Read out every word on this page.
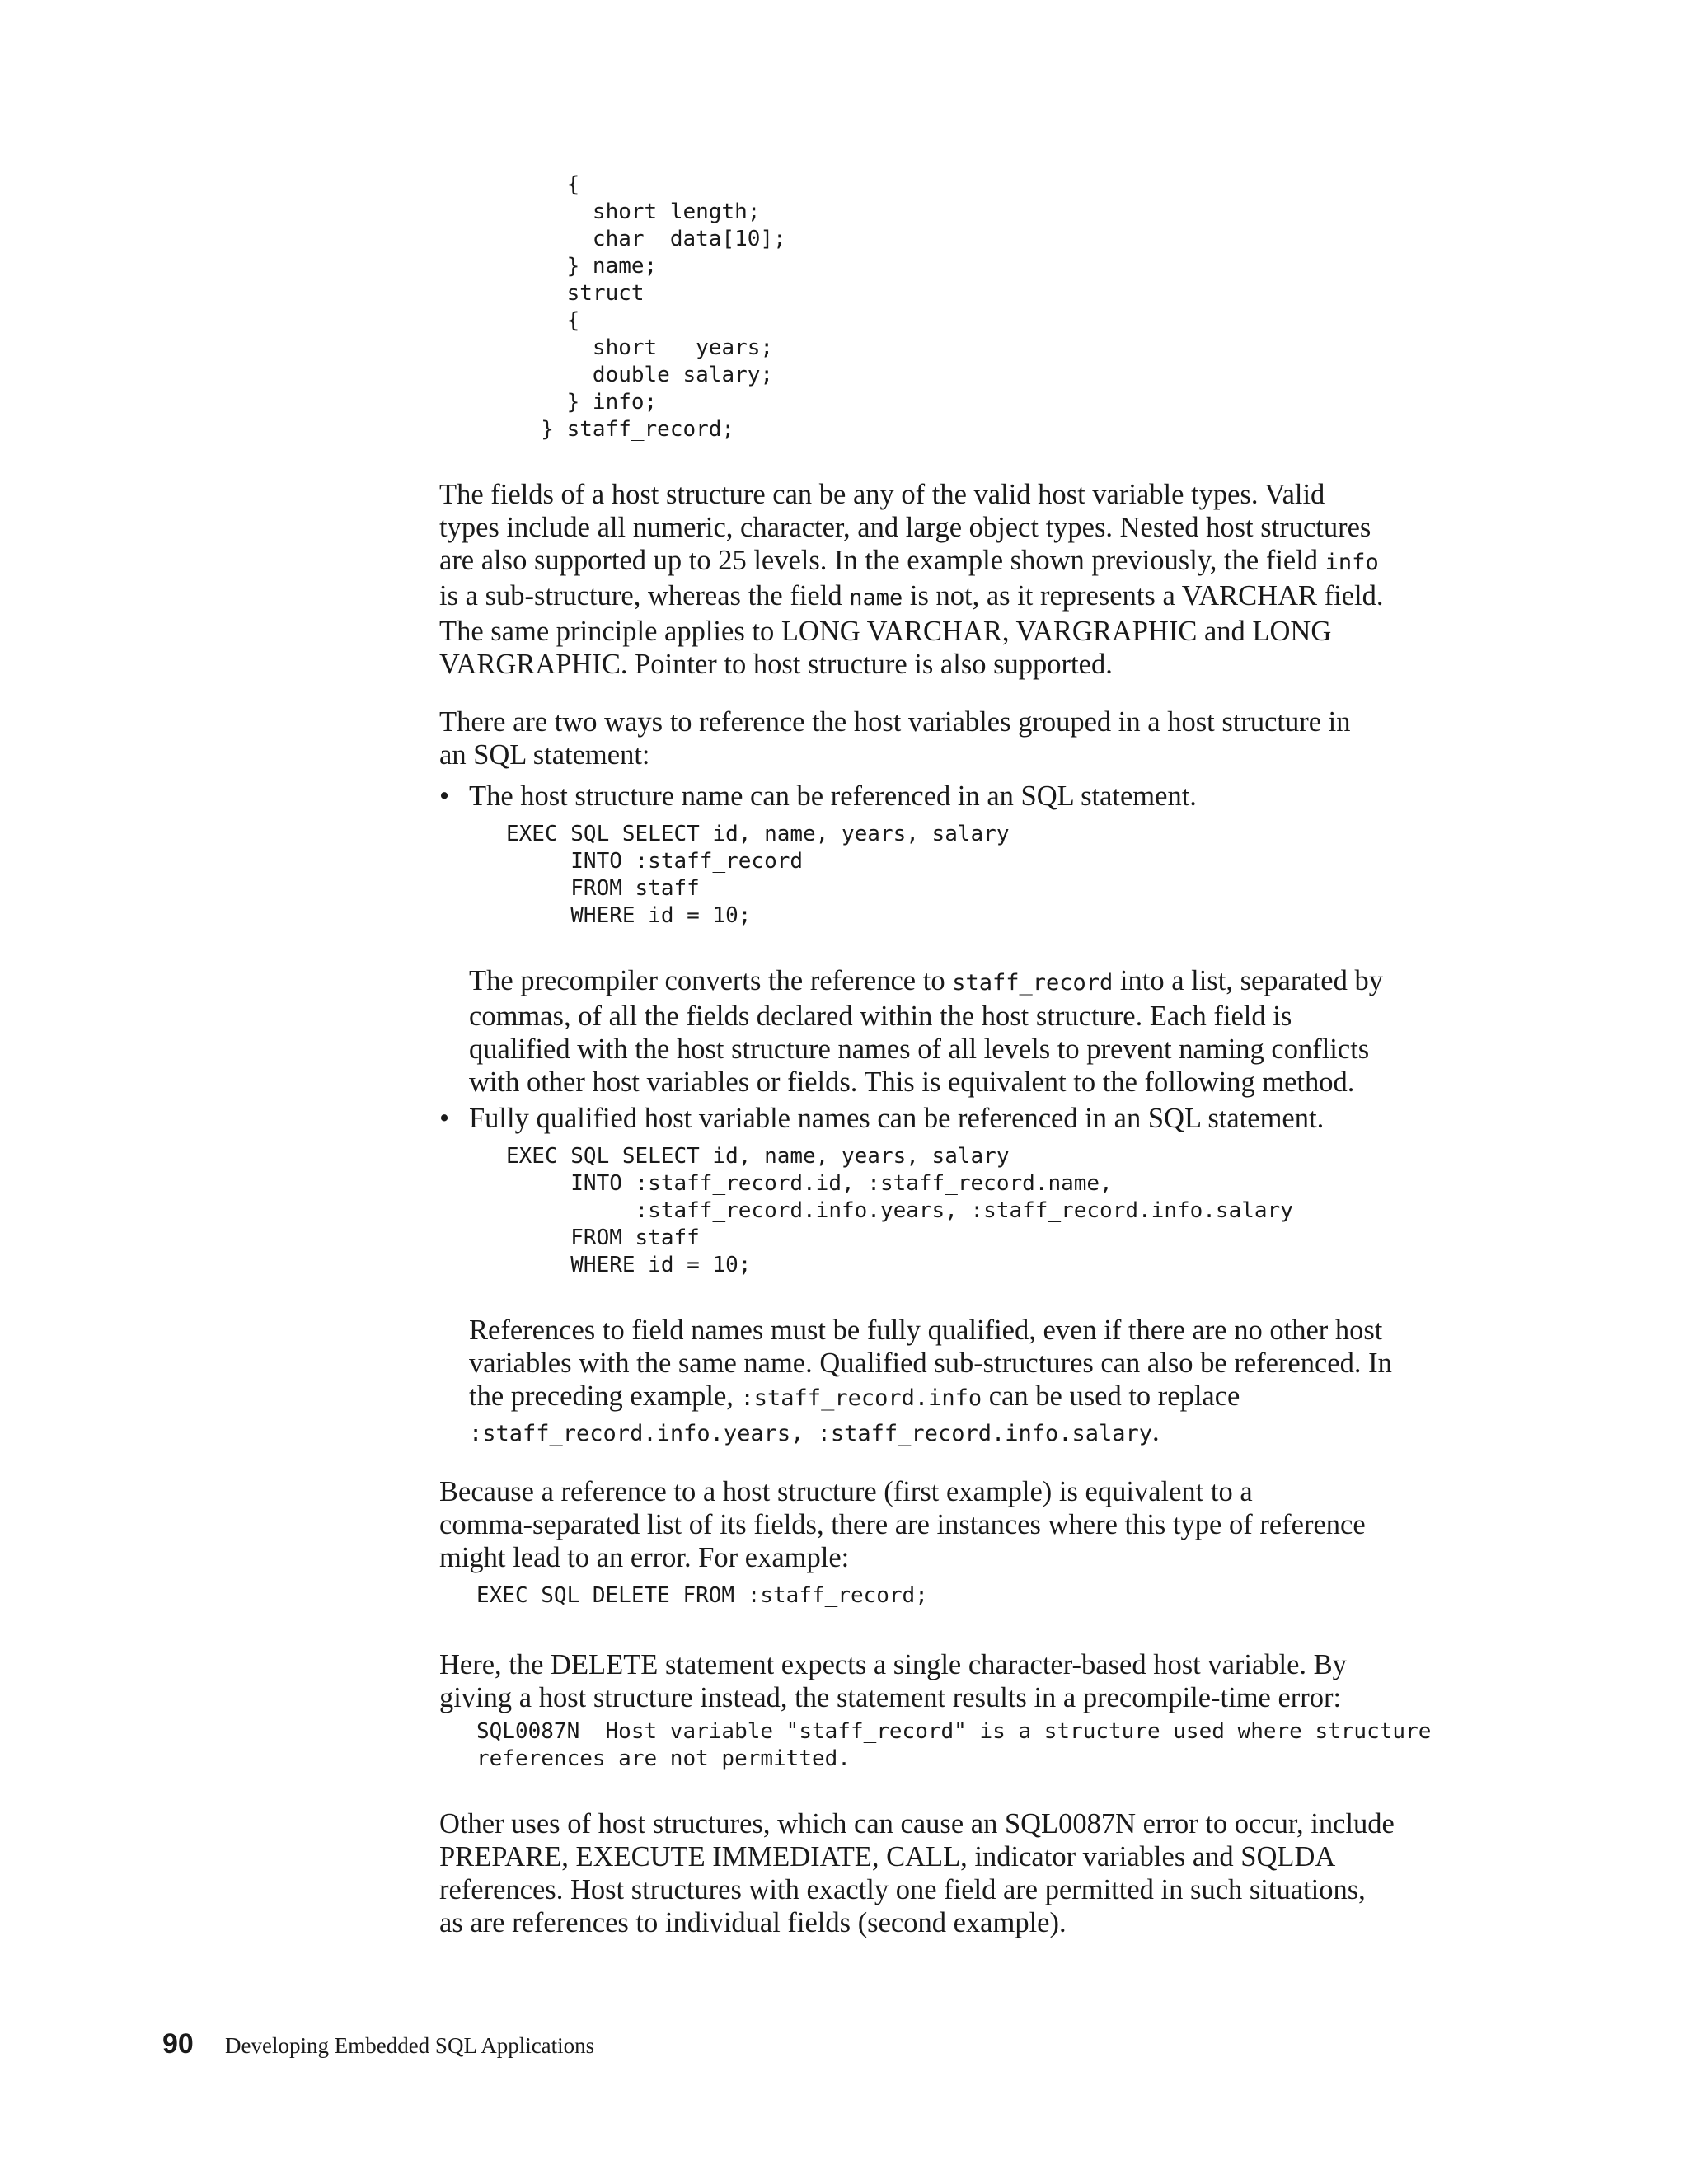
{
short length;
char  data[10];
} name;
struct
{
short   years;
double salary;
} info;
} staff_record;
The fields of a host structure can be any of the valid host variable types. Valid
types include all numeric, character, and large object types. Nested host structures
are also supported up to 25 levels. In the example shown previously, the field info
is a sub-structure, whereas the field name is not, as it represents a VARCHAR field.
The same principle applies to LONG VARCHAR, VARGRAPHIC and LONG
VARGRAPHIC. Pointer to host structure is also supported.
There are two ways to reference the host variables grouped in a host structure in
an SQL statement:
• The host structure name can be referenced in an SQL statement.
EXEC SQL SELECT id, name, years, salary
INTO :staff_record
FROM staff
WHERE id = 10;
The precompiler converts the reference to staff_record into a list, separated by
commas, of all the fields declared within the host structure. Each field is
qualified with the host structure names of all levels to prevent naming conflicts
with other host variables or fields. This is equivalent to the following method.
• Fully qualified host variable names can be referenced in an SQL statement.
EXEC SQL SELECT id, name, years, salary
INTO :staff_record.id, :staff_record.name,
:staff_record.info.years, :staff_record.info.salary
FROM staff
WHERE id = 10;
References to field names must be fully qualified, even if there are no other host
variables with the same name. Qualified sub-structures can also be referenced. In
the preceding example, :staff_record.info can be used to replace
:staff_record.info.years, :staff_record.info.salary.
Because a reference to a host structure (first example) is equivalent to a
comma-separated list of its fields, there are instances where this type of reference
might lead to an error. For example:
EXEC SQL DELETE FROM :staff_record;
Here, the DELETE statement expects a single character-based host variable. By
giving a host structure instead, the statement results in a precompile-time error:
SQL0087N  Host variable "staff_record" is a structure used where structure
references are not permitted.
Other uses of host structures, which can cause an SQL0087N error to occur, include
PREPARE, EXECUTE IMMEDIATE, CALL, indicator variables and SQLDA
references. Host structures with exactly one field are permitted in such situations,
as are references to individual fields (second example).
90 Developing Embedded SQL Applications
